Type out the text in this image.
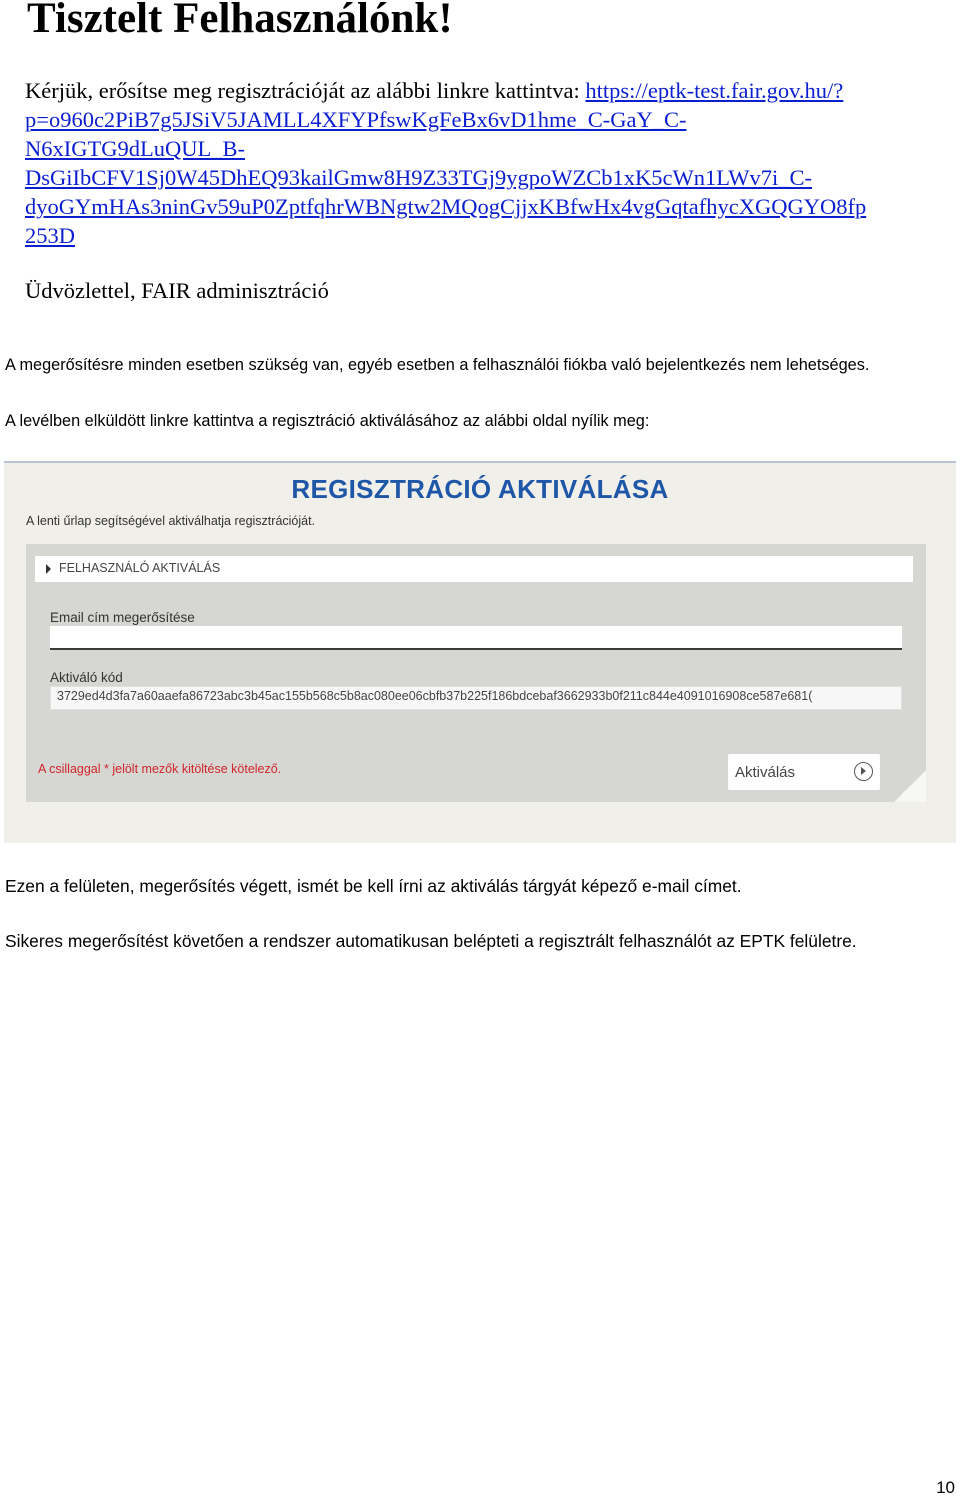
Tisztelt Felhasználónk!
Kérjük, erősítse meg regisztrációját az alábbi linkre kattintva: https://eptk-test.fair.gov.hu/?
p=o960c2PiB7g5JSiV5JAMLL4XFYPfswKgFeBx6vD1hme_C-GaY_C-
N6xIGTG9dLuQUL_B-
DsGiIbCFV1Sj0W45DhEQ93kailGmw8H9Z33TGj9ygpoWZCb1xK5cWn1LWv7i_C-
dyoGYmHAs3ninGv59uP0ZptfqhrWBNgtw2MQogCjjxKBfwHx4vgGqtafhycXGQGYO8fp
253D
Üdvözlettel, FAIR adminisztráció

A megerősítésre minden esetben szükség van, egyéb esetben a felhasználói fiókba való bejelentkezés nem lehetséges.

A levélben elküldött linkre kattintva a regisztráció aktiválásához az alábbi oldal nyílik meg:

REGISZTRÁCIÓ AKTIVÁLÁSA
A lenti űrlap segítségével aktiválhatja regisztrációját.
FELHASZNÁLÓ AKTIVÁLÁS
Email cím megerősítése
Aktiváló kód
3729ed4d3fa7a60aaefa86723abc3b45ac155b568c5b8ac080ee06cbfb37b225f186bdcebaf3662933b0f211c844e4091016908ce587e681(
A csillaggal * jelölt mezők kitöltése kötelező.	Aktiválás

Ezen a felületen, megerősítés végett, ismét be kell írni az aktiválás tárgyát képező e-mail címet.

Sikeres megerősítést követően a rendszer automatikusan belépteti a regisztrált felhasználót az EPTK felületre.

10
